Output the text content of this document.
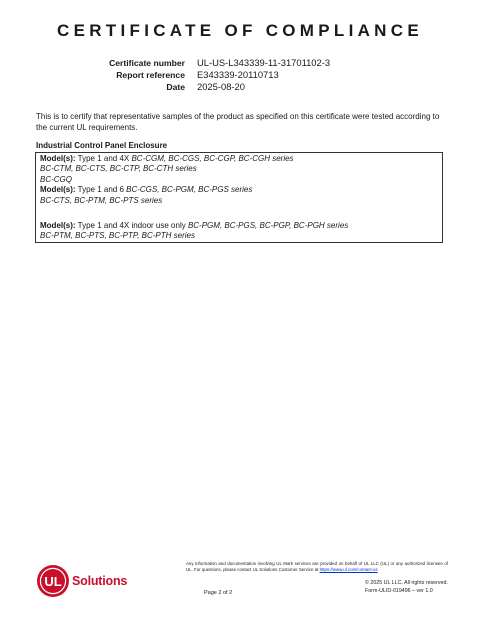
CERTIFICATE OF COMPLIANCE
Certificate number UL-US-L343339-11-31701102-3
Report reference E343339-20110713
Date 2025-08-20
This is to certify that representative samples of the product as specified on this certificate were tested according to the current UL requirements.
Industrial Control Panel Enclosure
Model(s): Type 1 and 4X BC-CGM, BC-CGS, BC-CGP, BC-CGH series
BC-CTM, BC-CTS, BC-CTP, BC-CTH series
BC-CGQ
Model(s): Type 1 and 6 BC-CGS, BC-PGM, BC-PGS series
BC-CTS, BC-PTM, BC-PTS series
Model(s): Type 1 and 4X indoor use only BC-PGM, BC-PGS, BC-PGP, BC-PGH series
BC-PTM, BC-PTS, BC-PTP, BC-PTH series
UL Solutions
Any information and documentation involving UL Mark services are provided on behalf of UL LLC (UL) or any authorized licensee of UL. For questions, please contact UL Solutions Customer Service at https://www.ul.com/contact-us
Page 2 of 2
© 2025 UL LLC. All rights reserved.
Form-ULID-019496 – ver 1.0
